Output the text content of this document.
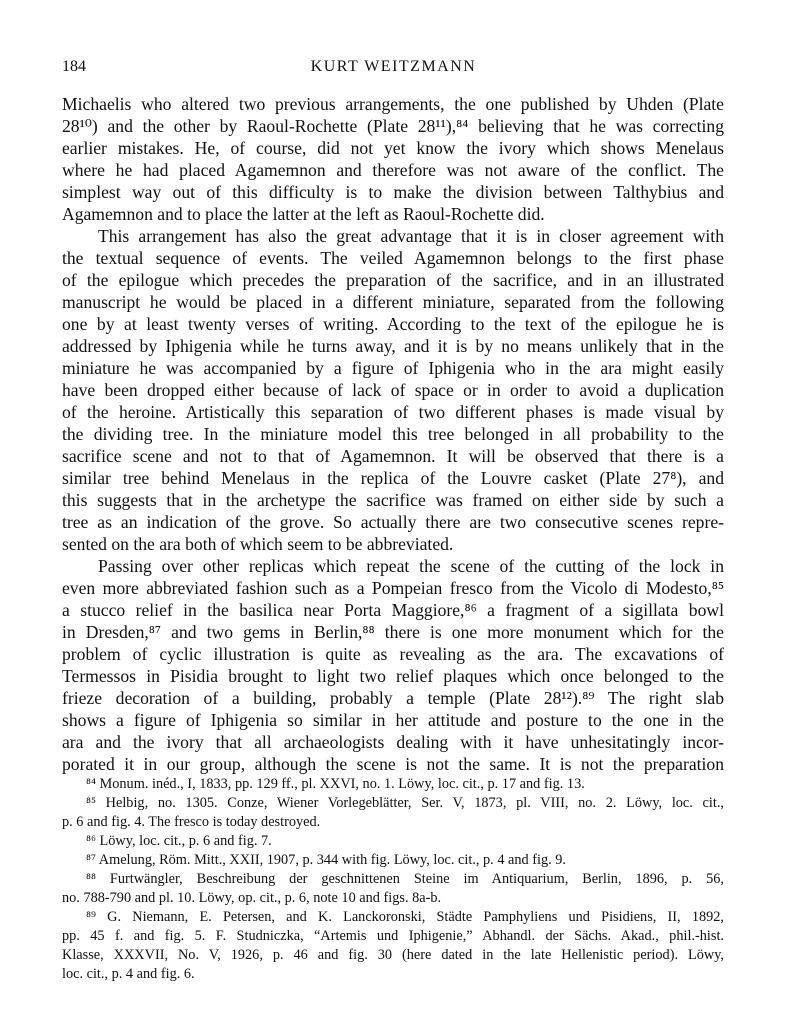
184	KURT WEITZMANN
Michaelis who altered two previous arrangements, the one published by Uhden (Plate
28¹⁰) and the other by Raoul-Rochette (Plate 28¹¹),⁸⁴ believing that he was correcting
earlier mistakes. He, of course, did not yet know the ivory which shows Menelaus
where he had placed Agamemnon and therefore was not aware of the conflict. The
simplest way out of this difficulty is to make the division between Talthybius and
Agamemnon and to place the latter at the left as Raoul-Rochette did.
This arrangement has also the great advantage that it is in closer agreement with
the textual sequence of events. The veiled Agamemnon belongs to the first phase
of the epilogue which precedes the preparation of the sacrifice, and in an illustrated
manuscript he would be placed in a different miniature, separated from the following
one by at least twenty verses of writing. According to the text of the epilogue he is
addressed by Iphigenia while he turns away, and it is by no means unlikely that in the
miniature he was accompanied by a figure of Iphigenia who in the ara might easily
have been dropped either because of lack of space or in order to avoid a duplication
of the heroine. Artistically this separation of two different phases is made visual by
the dividing tree. In the miniature model this tree belonged in all probability to the
sacrifice scene and not to that of Agamemnon. It will be observed that there is a
similar tree behind Menelaus in the replica of the Louvre casket (Plate 27⁸), and
this suggests that in the archetype the sacrifice was framed on either side by such a
tree as an indication of the grove. So actually there are two consecutive scenes repre-
sented on the ara both of which seem to be abbreviated.
Passing over other replicas which repeat the scene of the cutting of the lock in
even more abbreviated fashion such as a Pompeian fresco from the Vicolo di Modesto,⁸⁵
a stucco relief in the basilica near Porta Maggiore,⁸⁶ a fragment of a sigillata bowl
in Dresden,⁸⁷ and two gems in Berlin,⁸⁸ there is one more monument which for the
problem of cyclic illustration is quite as revealing as the ara. The excavations of
Termessos in Pisidia brought to light two relief plaques which once belonged to the
frieze decoration of a building, probably a temple (Plate 28¹²).⁸⁹ The right slab
shows a figure of Iphigenia so similar in her attitude and posture to the one in the
ara and the ivory that all archaeologists dealing with it have unhesitatingly incor-
porated it in our group, although the scene is not the same. It is not the preparation
⁸⁴ Monum. inéd., I, 1833, pp. 129 ff., pl. XXVI, no. 1. Löwy, loc. cit., p. 17 and fig. 13.
⁸⁵ Helbig, no. 1305. Conze, Wiener Vorlegeblätter, Ser. V, 1873, pl. VIII, no. 2. Löwy, loc. cit.,
p. 6 and fig. 4. The fresco is today destroyed.
⁸⁶ Löwy, loc. cit., p. 6 and fig. 7.
⁸⁷ Amelung, Röm. Mitt., XXII, 1907, p. 344 with fig. Löwy, loc. cit., p. 4 and fig. 9.
⁸⁸ Furtwängler, Beschreibung der geschnittenen Steine im Antiquarium, Berlin, 1896, p. 56,
no. 788-790 and pl. 10. Löwy, op. cit., p. 6, note 10 and figs. 8a-b.
⁸⁹ G. Niemann, E. Petersen, and K. Lanckoronski, Städte Pamphyliens und Pisidiens, II, 1892,
pp. 45 f. and fig. 5. F. Studniczka, “Artemis und Iphigenie,” Abhandl. der Sächs. Akad., phil.-hist.
Klasse, XXXVII, No. V, 1926, p. 46 and fig. 30 (here dated in the late Hellenistic period). Löwy,
loc. cit., p. 4 and fig. 6.
